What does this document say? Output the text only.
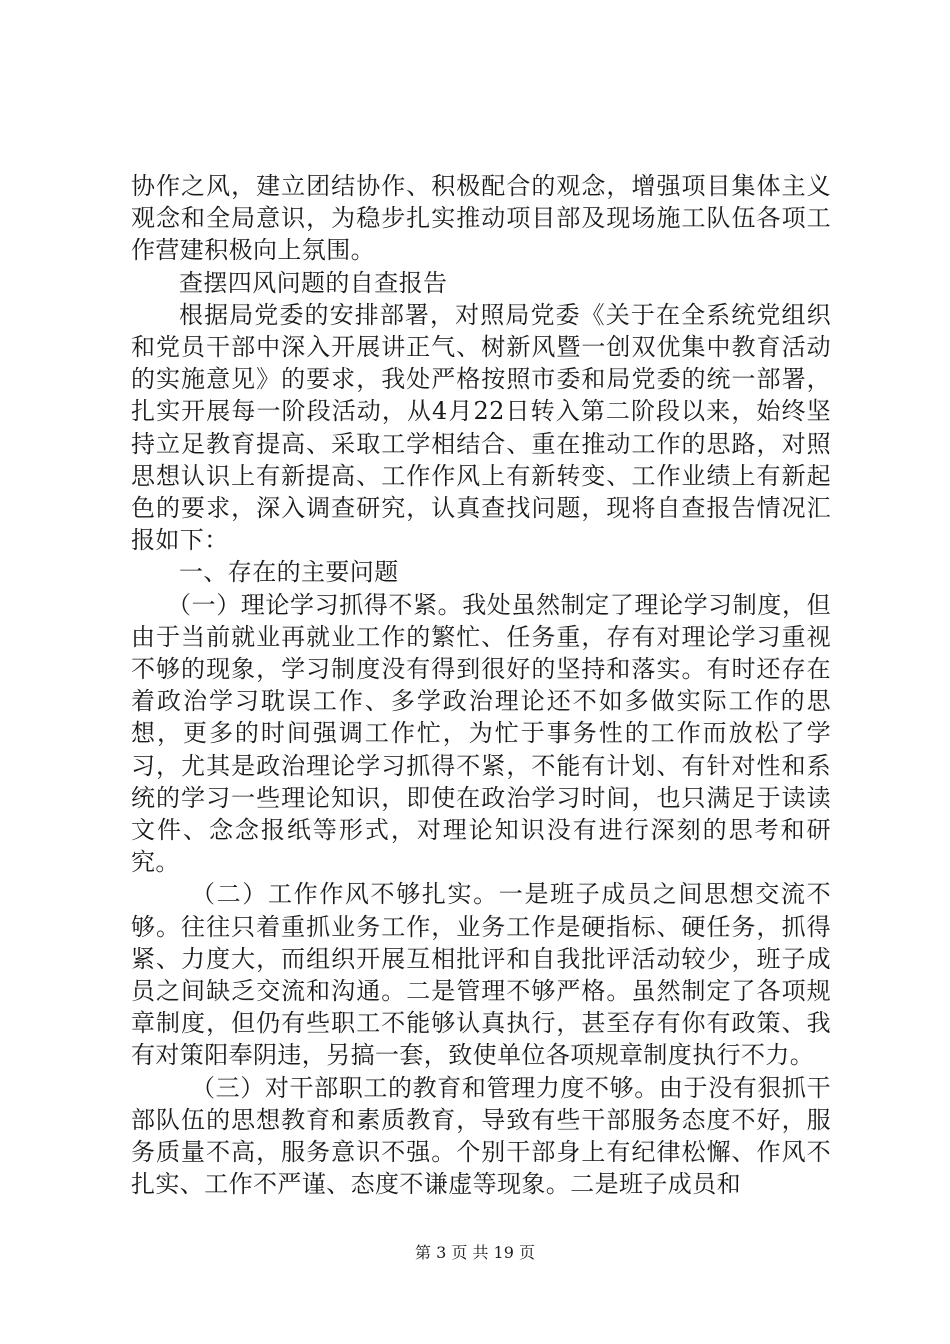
协作之风，建立团结协作、积极配合的观念，增强项目集体主义观念和全局意识，为稳步扎实推动项目部及现场施工队伍各项工作营建积极向上氛围。

查摆四风问题的自查报告

根据局党委的安排部署，对照局党委《关于在全系统党组织和党员干部中深入开展讲正气、树新风暨一创双优集中教育活动的实施意见》的要求，我处严格按照市委和局党委的统一部署，扎实开展每一阶段活动，从4月22日转入第二阶段以来，始终坚持立足教育提高、采取工学相结合、重在推动工作的思路，对照思想认识上有新提高、工作作风上有新转变、工作业绩上有新起色的要求，深入调查研究，认真查找问题，现将自查报告情况汇报如下：

一、存在的主要问题

（一）理论学习抓得不紧。我处虽然制定了理论学习制度，但由于当前就业再就业工作的繁忙、任务重，存有对理论学习重视不够的现象，学习制度没有得到很好的坚持和落实。有时还存在着政治学习耽误工作、多学政治理论还不如多做实际工作的思想，更多的时间强调工作忙，为忙于事务性的工作而放松了学习，尤其是政治理论学习抓得不紧，不能有计划、有针对性和系统的学习一些理论知识，即使在政治学习时间，也只满足于读读文件、念念报纸等形式，对理论知识没有进行深刻的思考和研究。

（二）工作作风不够扎实。一是班子成员之间思想交流不够。往往只着重抓业务工作，业务工作是硬指标、硬任务，抓得紧、力度大，而组织开展互相批评和自我批评活动较少，班子成员之间缺乏交流和沟通。二是管理不够严格。虽然制定了各项规章制度，但仍有些职工不能够认真执行，甚至存有你有政策、我有对策阳奉阴违，另搞一套，致使单位各项规章制度执行不力。

（三）对干部职工的教育和管理力度不够。由于没有狠抓干部队伍的思想教育和素质教育，导致有些干部服务态度不好，服务质量不高，服务意识不强。个别干部身上有纪律松懈、作风不扎实、工作不严谨、态度不谦虚等现象。二是班子成员和

第 3 页 共 19 页
